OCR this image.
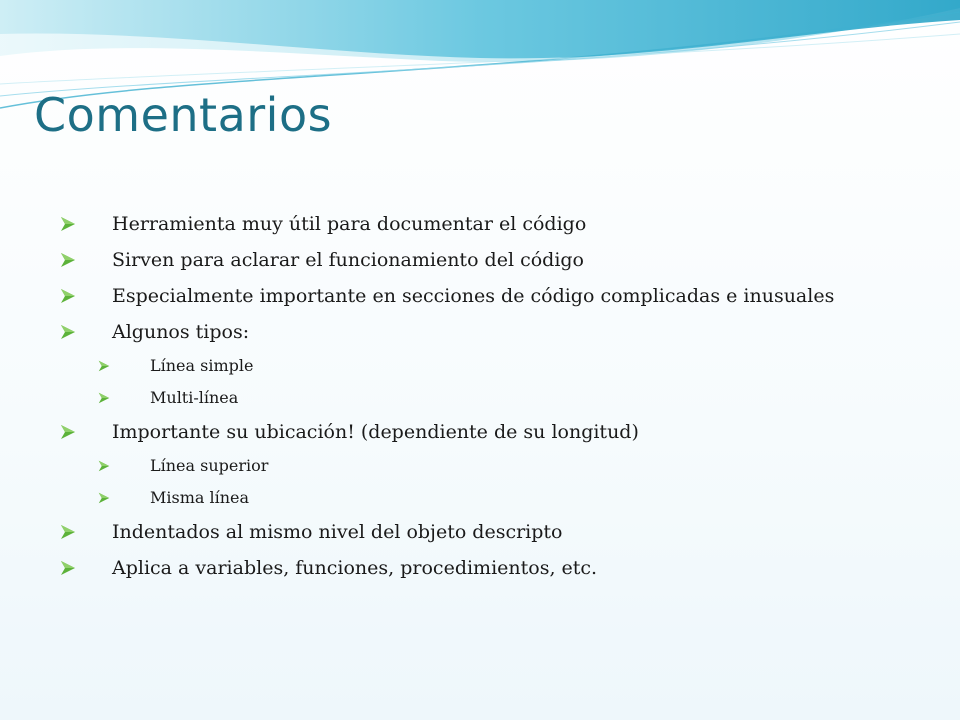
Comentarios
Herramienta muy útil para documentar el código
Sirven para aclarar el funcionamiento del código
Especialmente importante en secciones de código complicadas e inusuales
Algunos tipos:
Línea simple
Multi-línea
Importante su ubicación! (dependiente de su longitud)
Línea superior
Misma línea
Indentados al mismo nivel del objeto descripto
Aplica a variables, funciones, procedimientos, etc.
